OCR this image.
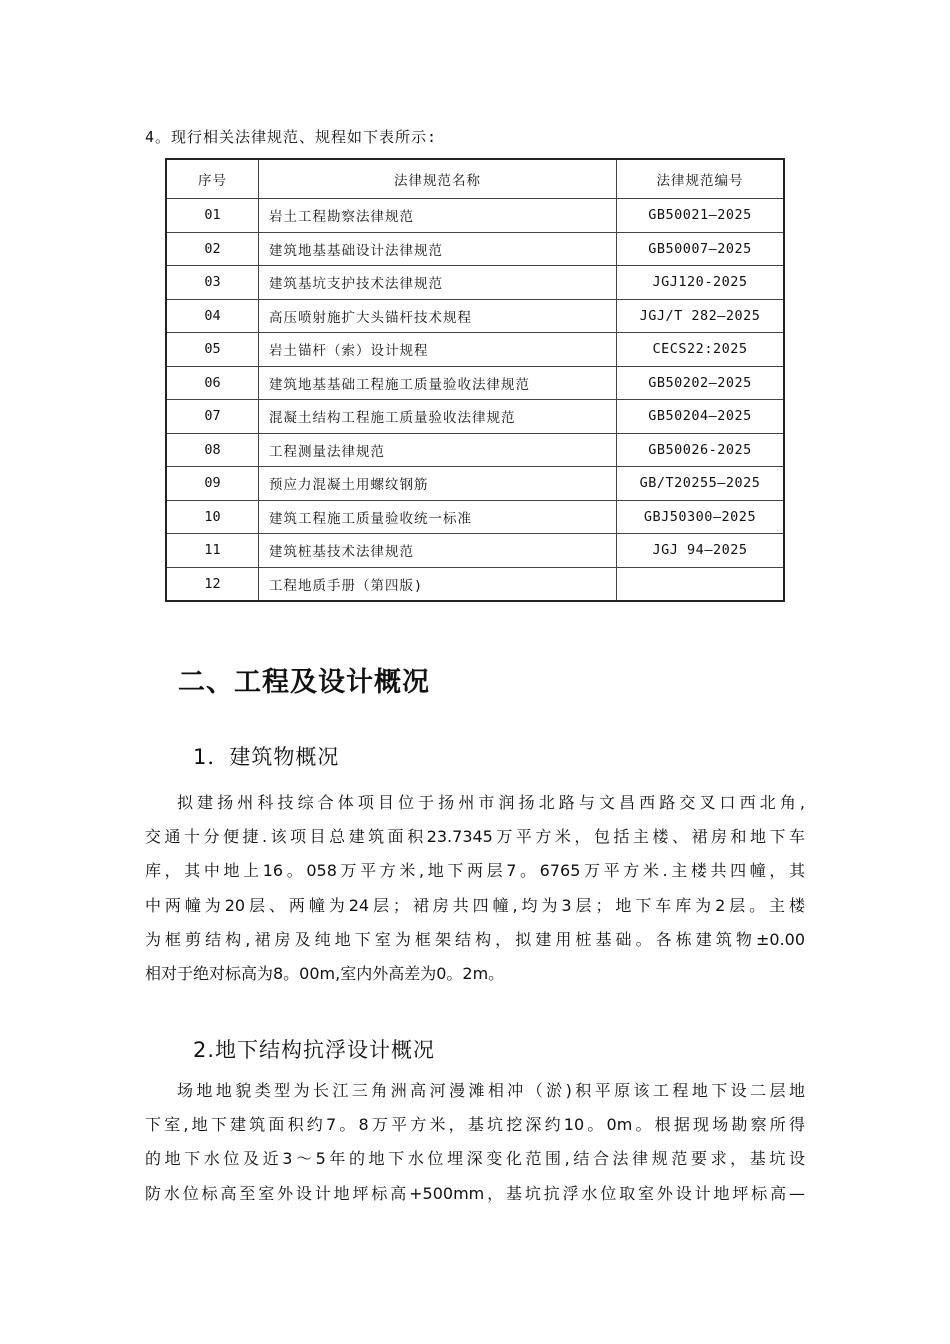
4。现行相关法律规范、规程如下表所示:
序号	法律规范名称	法律规范编号
01	岩土工程勘察法律规范	GB50021—2025
02	建筑地基基础设计法律规范	GB50007—2025
03	建筑基坑支护技术法律规范	JGJ120-2025
04	高压喷射施扩大头锚杆技术规程	JGJ/T 282—2025
05	岩土锚杆（索）设计规程	CECS22:2025
06	建筑地基基础工程施工质量验收法律规范	GB50202—2025
07	混凝土结构工程施工质量验收法律规范	GB50204—2025
08	工程测量法律规范	GB50026-2025
09	预应力混凝土用螺纹钢筋	GB/T20255—2025
10	建筑工程施工质量验收统一标准	GBJ50300—2025
11	建筑桩基技术法律规范	JGJ 94—2025
12	工程地质手册（第四版)	
二、工程及设计概况
1．建筑物概况
拟建扬州科技综合体项目位于扬州市润扬北路与文昌西路交叉口西北角,
交通十分便捷.该项目总建筑面积23.7345万平方米，包括主楼、裙房和地下车
库，其中地上16。058万平方米,地下两层7。6765万平方米.主楼共四幢，其
中两幢为20层、两幢为24层；裙房共四幢,均为3层；地下车库为2层。主楼
为框剪结构,裙房及纯地下室为框架结构，拟建用桩基础。各栋建筑物±0.00
相对于绝对标高为8。00m,室内外高差为0。2m。
2.地下结构抗浮设计概况
场地地貌类型为长江三角洲高河漫滩相冲（淤)积平原该工程地下设二层地
下室,地下建筑面积约7。8万平方米，基坑挖深约10。0m。根据现场勘察所得
的地下水位及近3～5年的地下水位埋深变化范围,结合法律规范要求，基坑设
防水位标高至室外设计地坪标高+500mm，基坑抗浮水位取室外设计地坪标高—
